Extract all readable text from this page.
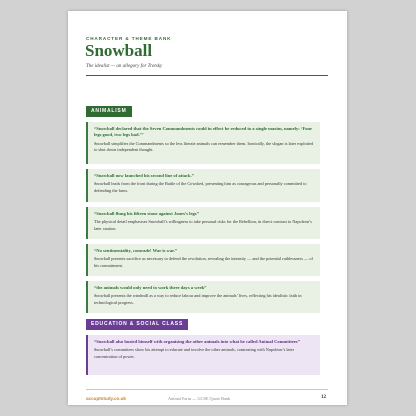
CHARACTER & THEME BANK
Snowball
The idealist — an allegory for Trotsky
ANIMALISM
“Snowball declared that the Seven Commandments could in effect be reduced to a single maxim, namely: ‘Four legs good, two legs bad.’”
Snowball simplifies the Commandments so the less literate animals can remember them. Ironically, the slogan is later exploited to shut down independent thought.
“Snowball now launched his second line of attack.”
Snowball leads from the front during the Battle of the Cowshed, presenting him as courageous and personally committed to defending the farm.
“Snowball flung his fifteen stone against Jones’s legs”
The physical detail emphasises Snowball’s willingness to take personal risks for the Rebellion, in direct contrast to Napoleon’s later caution.
“No sentimentality, comrade! War is war.”
Snowball presents sacrifice as necessary to defend the revolution, revealing the intensity — and the potential ruthlessness — of his commitment.
“the animals would only need to work three days a week”
Snowball presents the windmill as a way to reduce labour and improve the animals’ lives, reflecting his idealistic faith in technological progress.
EDUCATION & SOCIAL CLASS
“Snowball also busied himself with organising the other animals into what he called Animal Committees”
Snowball’s committees show his attempt to educate and involve the other animals, contrasting with Napoleon’s later concentration of power.
accuptstudy.co.uk	Animal Farm — GCSE Quote Bank	12
